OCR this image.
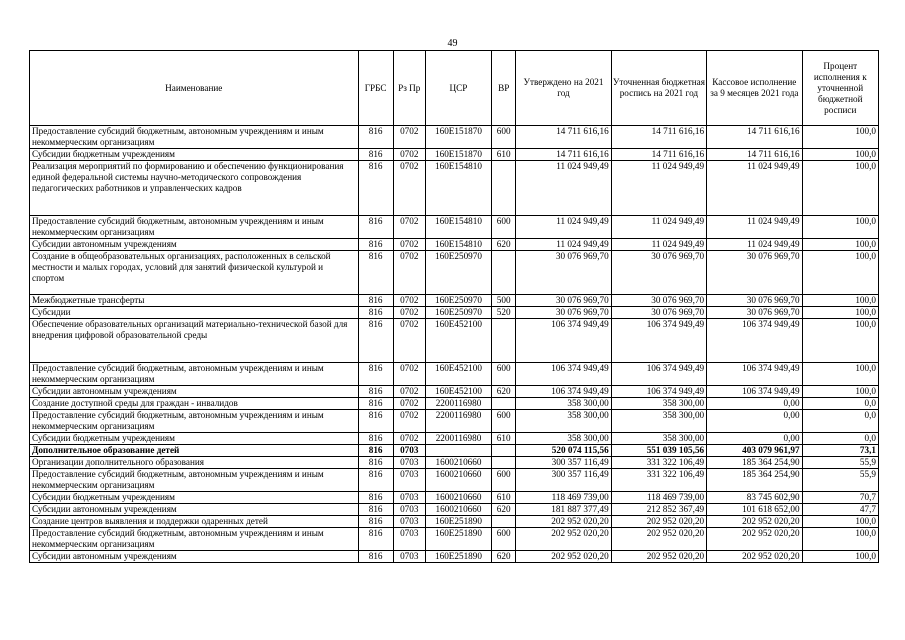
49
Наименование	ГРБС	Рз Пр	ЦСР	ВР	Утверждено на 2021 год	Уточненная бюджетная роспись на 2021 год	Кассовое исполнение за 9 месяцев 2021 года	Процент исполнения к уточненной бюджетной росписи
Предоставление субсидий бюджетным, автономным учреждениям и иным некоммерческим организациям	816	0702	160E151870	600	14 711 616,16	14 711 616,16	14 711 616,16	100,0
Субсидии бюджетным учреждениям	816	0702	160E151870	610	14 711 616,16	14 711 616,16	14 711 616,16	100,0
Реализация мероприятий по формированию и обеспечению функционирования единой федеральной системы научно-методического сопровождения педагогических работников и управленческих кадров	816	0702	160E154810		11 024 949,49	11 024 949,49	11 024 949,49	100,0
Предоставление субсидий бюджетным, автономным учреждениям и иным некоммерческим организациям	816	0702	160E154810	600	11 024 949,49	11 024 949,49	11 024 949,49	100,0
Субсидии автономным учреждениям	816	0702	160E154810	620	11 024 949,49	11 024 949,49	11 024 949,49	100,0
Создание в общеобразовательных организациях, расположенных в сельской местности и малых городах, условий для занятий физической культурой и спортом	816	0702	160E250970		30 076 969,70	30 076 969,70	30 076 969,70	100,0
Межбюджетные трансферты	816	0702	160E250970	500	30 076 969,70	30 076 969,70	30 076 969,70	100,0
Субсидии	816	0702	160E250970	520	30 076 969,70	30 076 969,70	30 076 969,70	100,0
Обеспечение образовательных организаций материально-технической базой для внедрения цифровой образовательной среды	816	0702	160E452100		106 374 949,49	106 374 949,49	106 374 949,49	100,0
Предоставление субсидий бюджетным, автономным учреждениям и иным некоммерческим организациям	816	0702	160E452100	600	106 374 949,49	106 374 949,49	106 374 949,49	100,0
Субсидии автономным учреждениям	816	0702	160E452100	620	106 374 949,49	106 374 949,49	106 374 949,49	100,0
Создание доступной среды для граждан - инвалидов	816	0702	2200116980		358 300,00	358 300,00	0,00	0,0
Предоставление субсидий бюджетным, автономным учреждениям и иным некоммерческим организациям	816	0702	2200116980	600	358 300,00	358 300,00	0,00	0,0
Субсидии бюджетным учреждениям	816	0702	2200116980	610	358 300,00	358 300,00	0,00	0,0
Дополнительное образование детей	816	0703			520 074 115,56	551 039 105,56	403 079 961,97	73,1
Организации дополнительного образования	816	0703	1600210660		300 357 116,49	331 322 106,49	185 364 254,90	55,9
Предоставление субсидий бюджетным, автономным учреждениям и иным некоммерческим организациям	816	0703	1600210660	600	300 357 116,49	331 322 106,49	185 364 254,90	55,9
Субсидии бюджетным учреждениям	816	0703	1600210660	610	118 469 739,00	118 469 739,00	83 745 602,90	70,7
Субсидии автономным учреждениям	816	0703	1600210660	620	181 887 377,49	212 852 367,49	101 618 652,00	47,7
Создание центров выявления и поддержки одаренных детей	816	0703	160E251890		202 952 020,20	202 952 020,20	202 952 020,20	100,0
Предоставление субсидий бюджетным, автономным учреждениям и иным некоммерческим организациям	816	0703	160E251890	600	202 952 020,20	202 952 020,20	202 952 020,20	100,0
Субсидии автономным учреждениям	816	0703	160E251890	620	202 952 020,20	202 952 020,20	202 952 020,20	100,0
